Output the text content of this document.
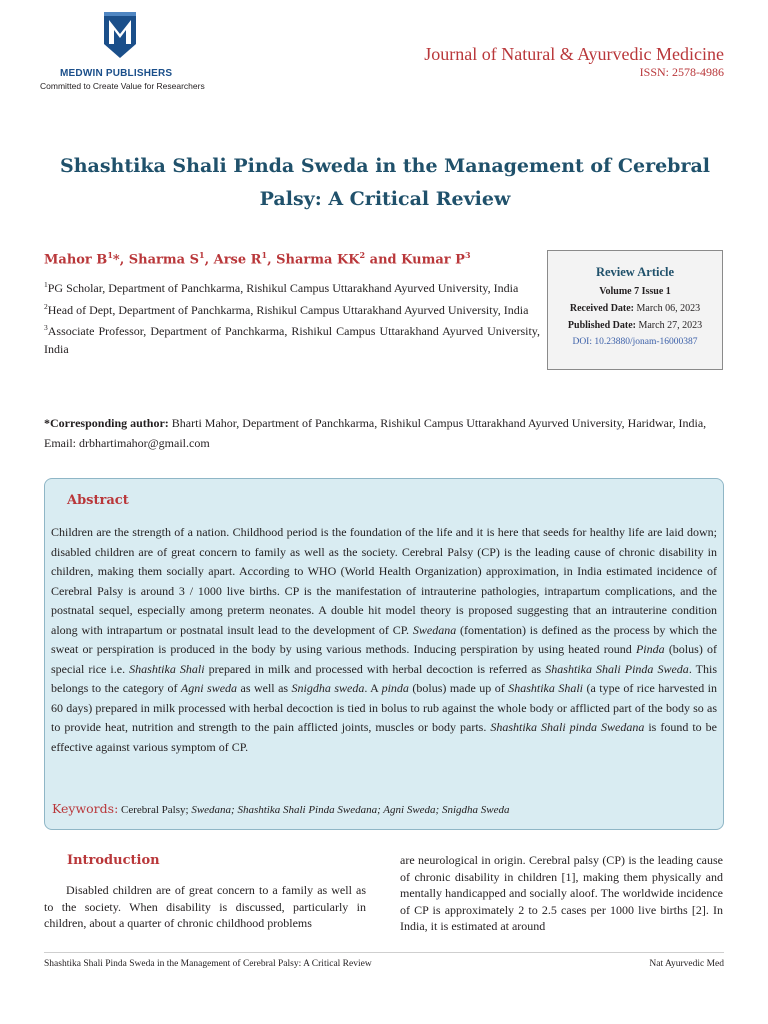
MEDWIN PUBLISHERS
Committed to Create Value for Researchers
Journal of Natural & Ayurvedic Medicine
ISSN: 2578-4986
Shashtika Shali Pinda Sweda in the Management of Cerebral Palsy: A Critical Review
Mahor $B^1*$, Sharma $S^1$, Arse $R^1$, Sharma $KK^2$ and Kumar $P^3$

$^1$PG Scholar, Department of Panchkarma, Rishikul Campus Uttarakhand Ayurved University, India

$^2$Head of Dept, Department of Panchkarma, Rishikul Campus Uttarakhand Ayurved University, India

$^3$Associate Professor, Department of Panchkarma, Rishikul Campus Uttarakhand Ayurved University, India

Review Article
Volume 7 Issue 1
Received Date: March 06, 2023
Published Date: March 27, 2023
DOI: 10.23880/jonam-16000387
*Corresponding author: Bharti Mahor, Department of Panchkarma, Rishikul Campus Uttarakhand Ayurved University, Haridwar, India, Email: drbhartimahor@gmail.com
Abstract

Children are the strength of a nation. Childhood period is the foundation of the life and it is here that seeds for healthy life are laid down; disabled children are of great concern to family as well as the society. Cerebral Palsy (CP) is the leading cause of chronic disability in children, making them socially apart. According to WHO (World Health Organization) approximation, in India estimated incidence of Cerebral Palsy is around 3 / 1000 live births. CP is the manifestation of intrauterine pathologies, intrapartum complications, and the postnatal sequel, especially among preterm neonates. A double hit model theory is proposed suggesting that an intrauterine condition along with intrapartum or postnatal insult lead to the development of CP. Swedana (fomentation) is defined as the process by which the sweat or perspiration is produced in the body by using various methods. Inducing perspiration by using heated round Pinda (bolus) of special rice i.e. Shashtika Shali prepared in milk and processed with herbal decoction is referred as Shashtika Shali Pinda Sweda. This belongs to the category of Agni sweda as well as Snigdha sweda. A pinda (bolus) made up of Shashtika Shali (a type of rice harvested in 60 days) prepared in milk processed with herbal decoction is tied in bolus to rub against the whole body or afflicted part of the body so as to provide heat, nutrition and strength to the pain afflicted joints, muscles or body parts. Shashtika Shali pinda Swedana is found to be effective against various symptom of CP.

Keywords: Cerebral Palsy; Swedana; Shashtika Shali Pinda Swedana; Agni Sweda; Snigdha Sweda
Introduction

Disabled children are of great concern to a family as well as to the society. When disability is discussed, particularly in children, about a quarter of chronic childhood problems

are neurological in origin. Cerebral palsy (CP) is the leading cause of chronic disability in children [1], making them physically and mentally handicapped and socially aloof. The worldwide incidence of CP is approximately 2 to 2.5 cases per 1000 live births [2]. In India, it is estimated at around

Shashtika Shali Pinda Sweda in the Management of Cerebral Palsy: A Critical Review	Nat Ayurvedic Med
